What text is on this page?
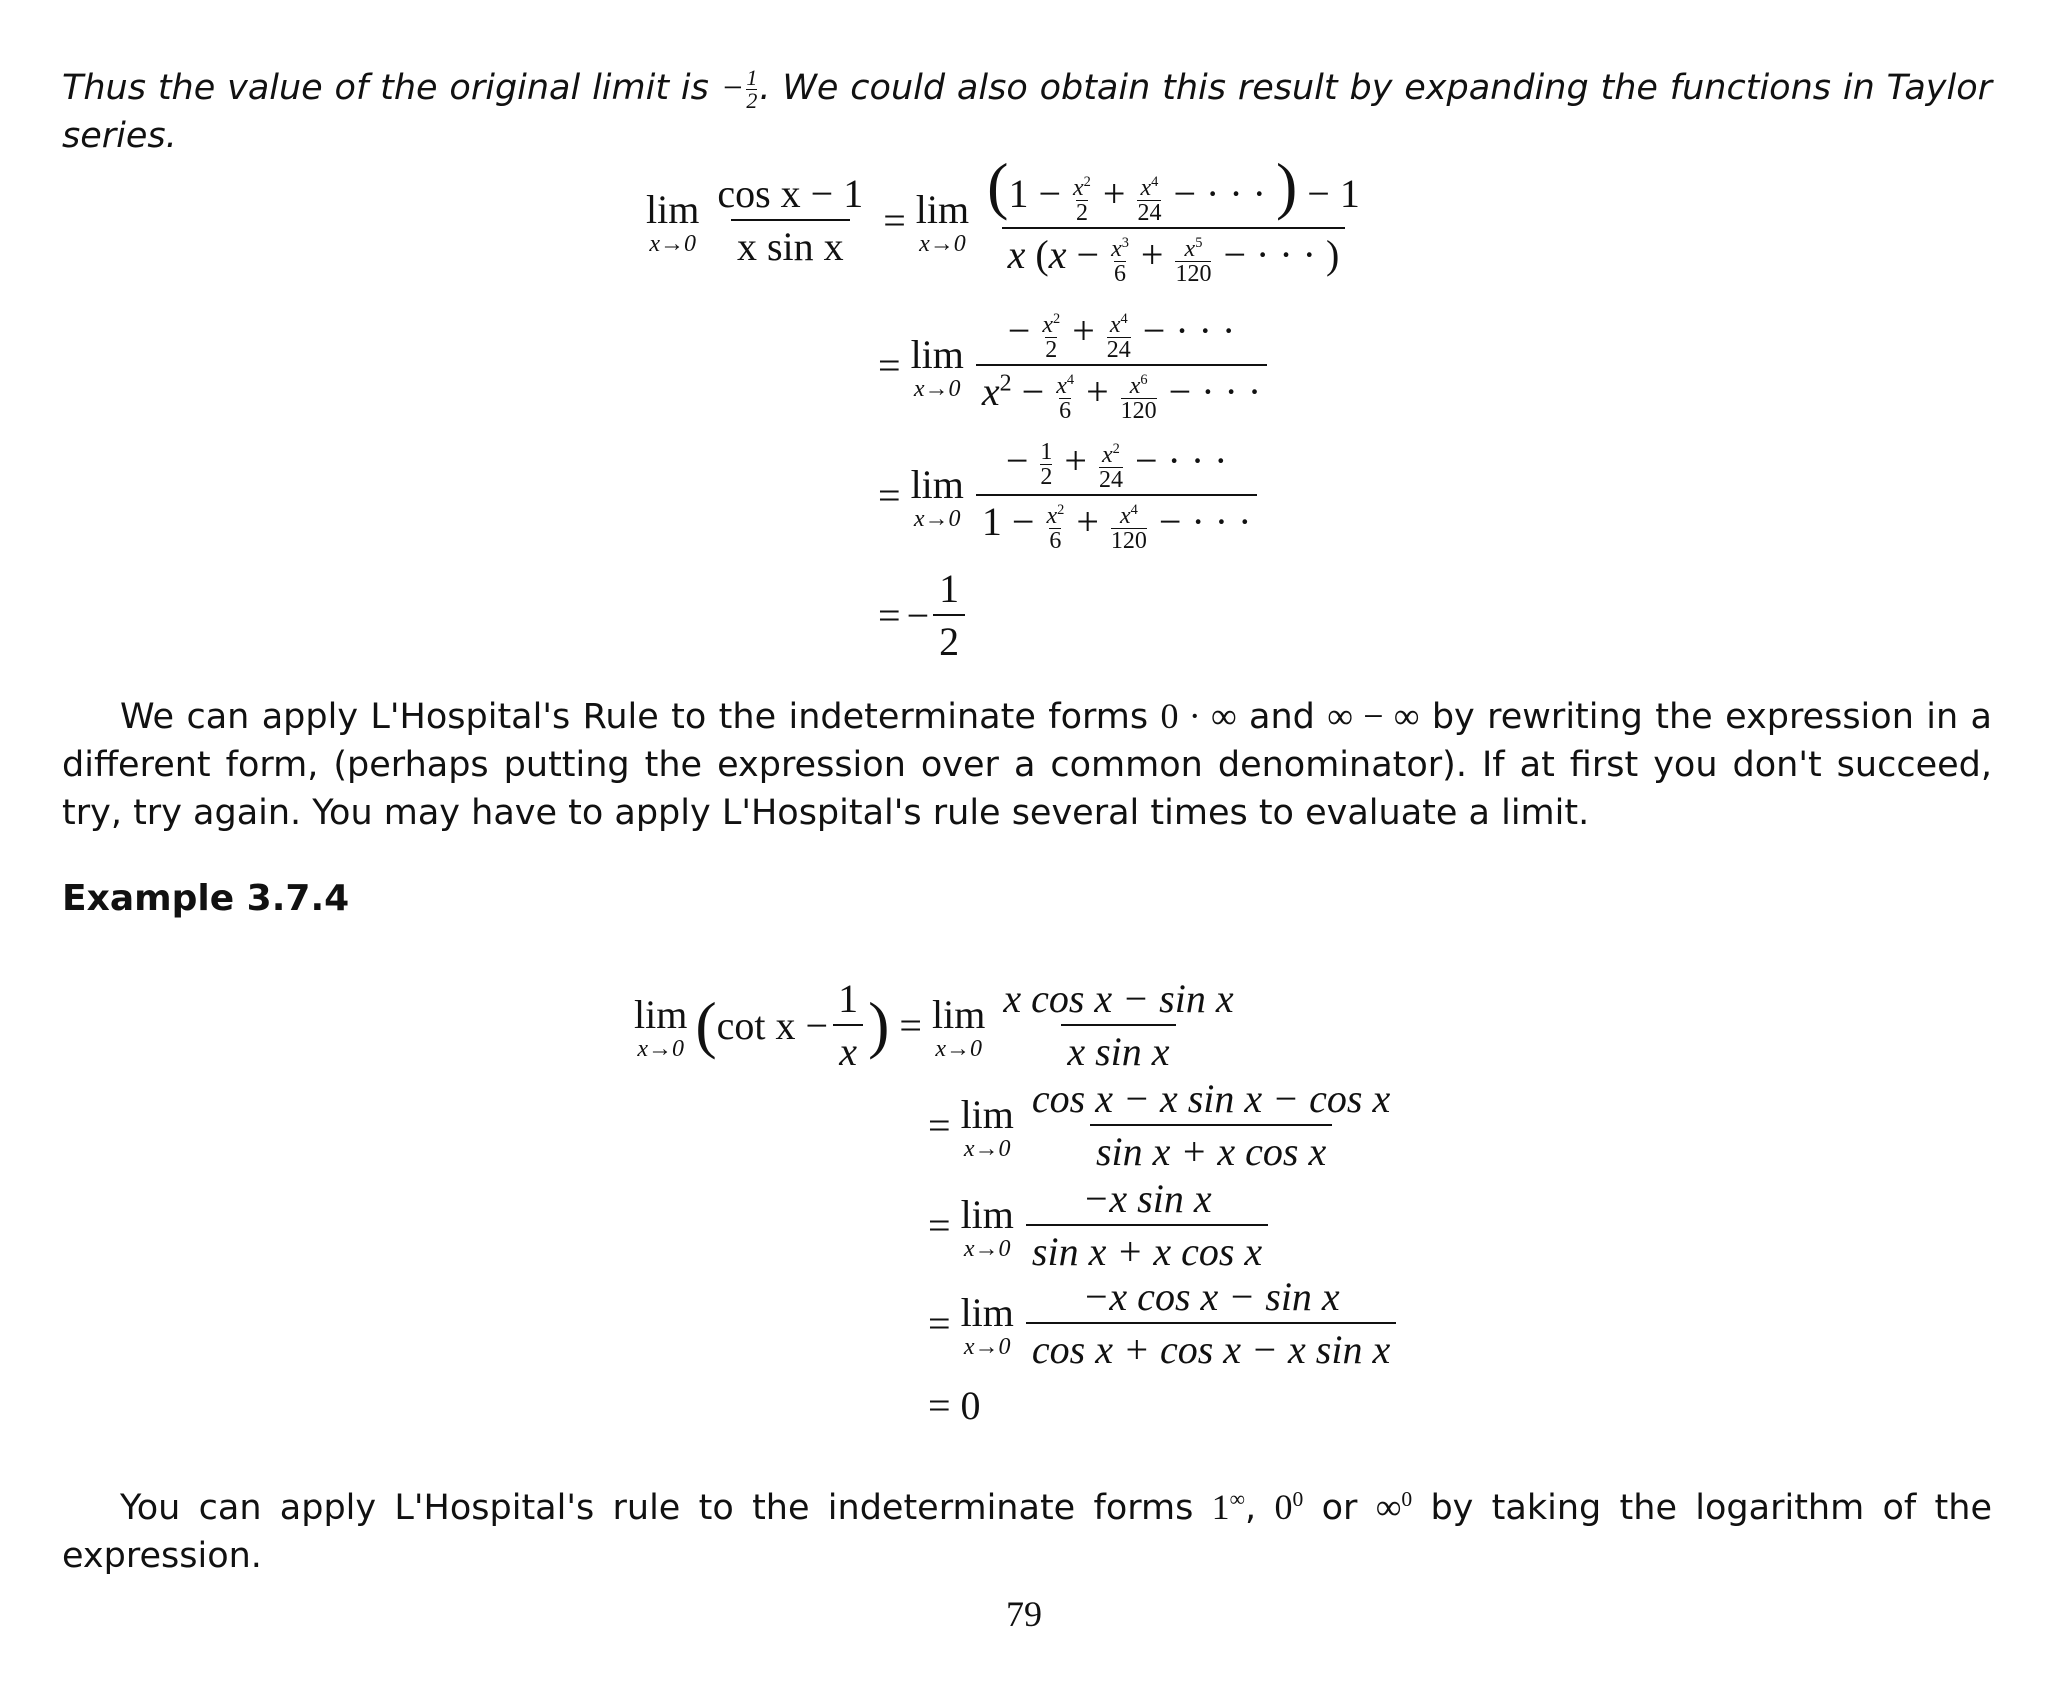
Thus the value of the original limit is − $\frac{1}{2}$ . We could also obtain this result by expanding the functions in Taylor series.
lim
$x\to 0 \frac{\text{cos x − 1}}{\text{x sin x}} = \lim$
$x\to 0 \frac{(1 - \frac{x^2}{2} + \frac{x^4}{24} - \cdot \cdot \cdot ) - 1}{x (x - \frac{x^3}{6} + \frac{x^5}{120} - \cdot \cdot \cdot )}$
= lim
$x\to 0 \frac{- \frac{x^2}{2} + \frac{x^4}{24} - \cdot \cdot \cdot}{x^2 - \frac{x^4}{6} + \frac{x^6}{120} - \cdot \cdot \cdot}$
= lim
$x\to 0 \frac{- \frac{1}{2} + \frac{x^2}{24} - \cdot \cdot \cdot}{1 - \frac{x^2}{6} + \frac{x^4}{120} - \cdot \cdot \cdot}$
= − $\frac{1}{2}$
We can apply L'Hospital's Rule to the indeterminate forms 0 · ∞ and ∞ − ∞ by rewriting the expression in a different form, (perhaps putting the expression over a common denominator). If at first you don't succeed, try, try again. You may have to apply L'Hospital's rule several times to evaluate a limit.
Example 3.7.4
lim
x→0 ( $\cot x - \frac{1}{x}$ ) = lim
$x\to 0 \frac{\text{x cos x − sin x}}{\text{x sin x}}$
= lim
$x\to 0 \frac{\text{cos x − x sin x − cos x}}{\text{sin x + x cos x}}$
= lim
$x\to 0 \frac{\text{−x sin x}}{\text{sin x + x cos x}}$
= lim
$x\to 0 \frac{\text{−x cos x − sin x}}{\text{cos x + cos x − x sin x}}$
= 0
You can apply L'Hospital's rule to the indeterminate forms 1∞, $0^0$ or ∞$^0$ by taking the logarithm of the expression.
79
